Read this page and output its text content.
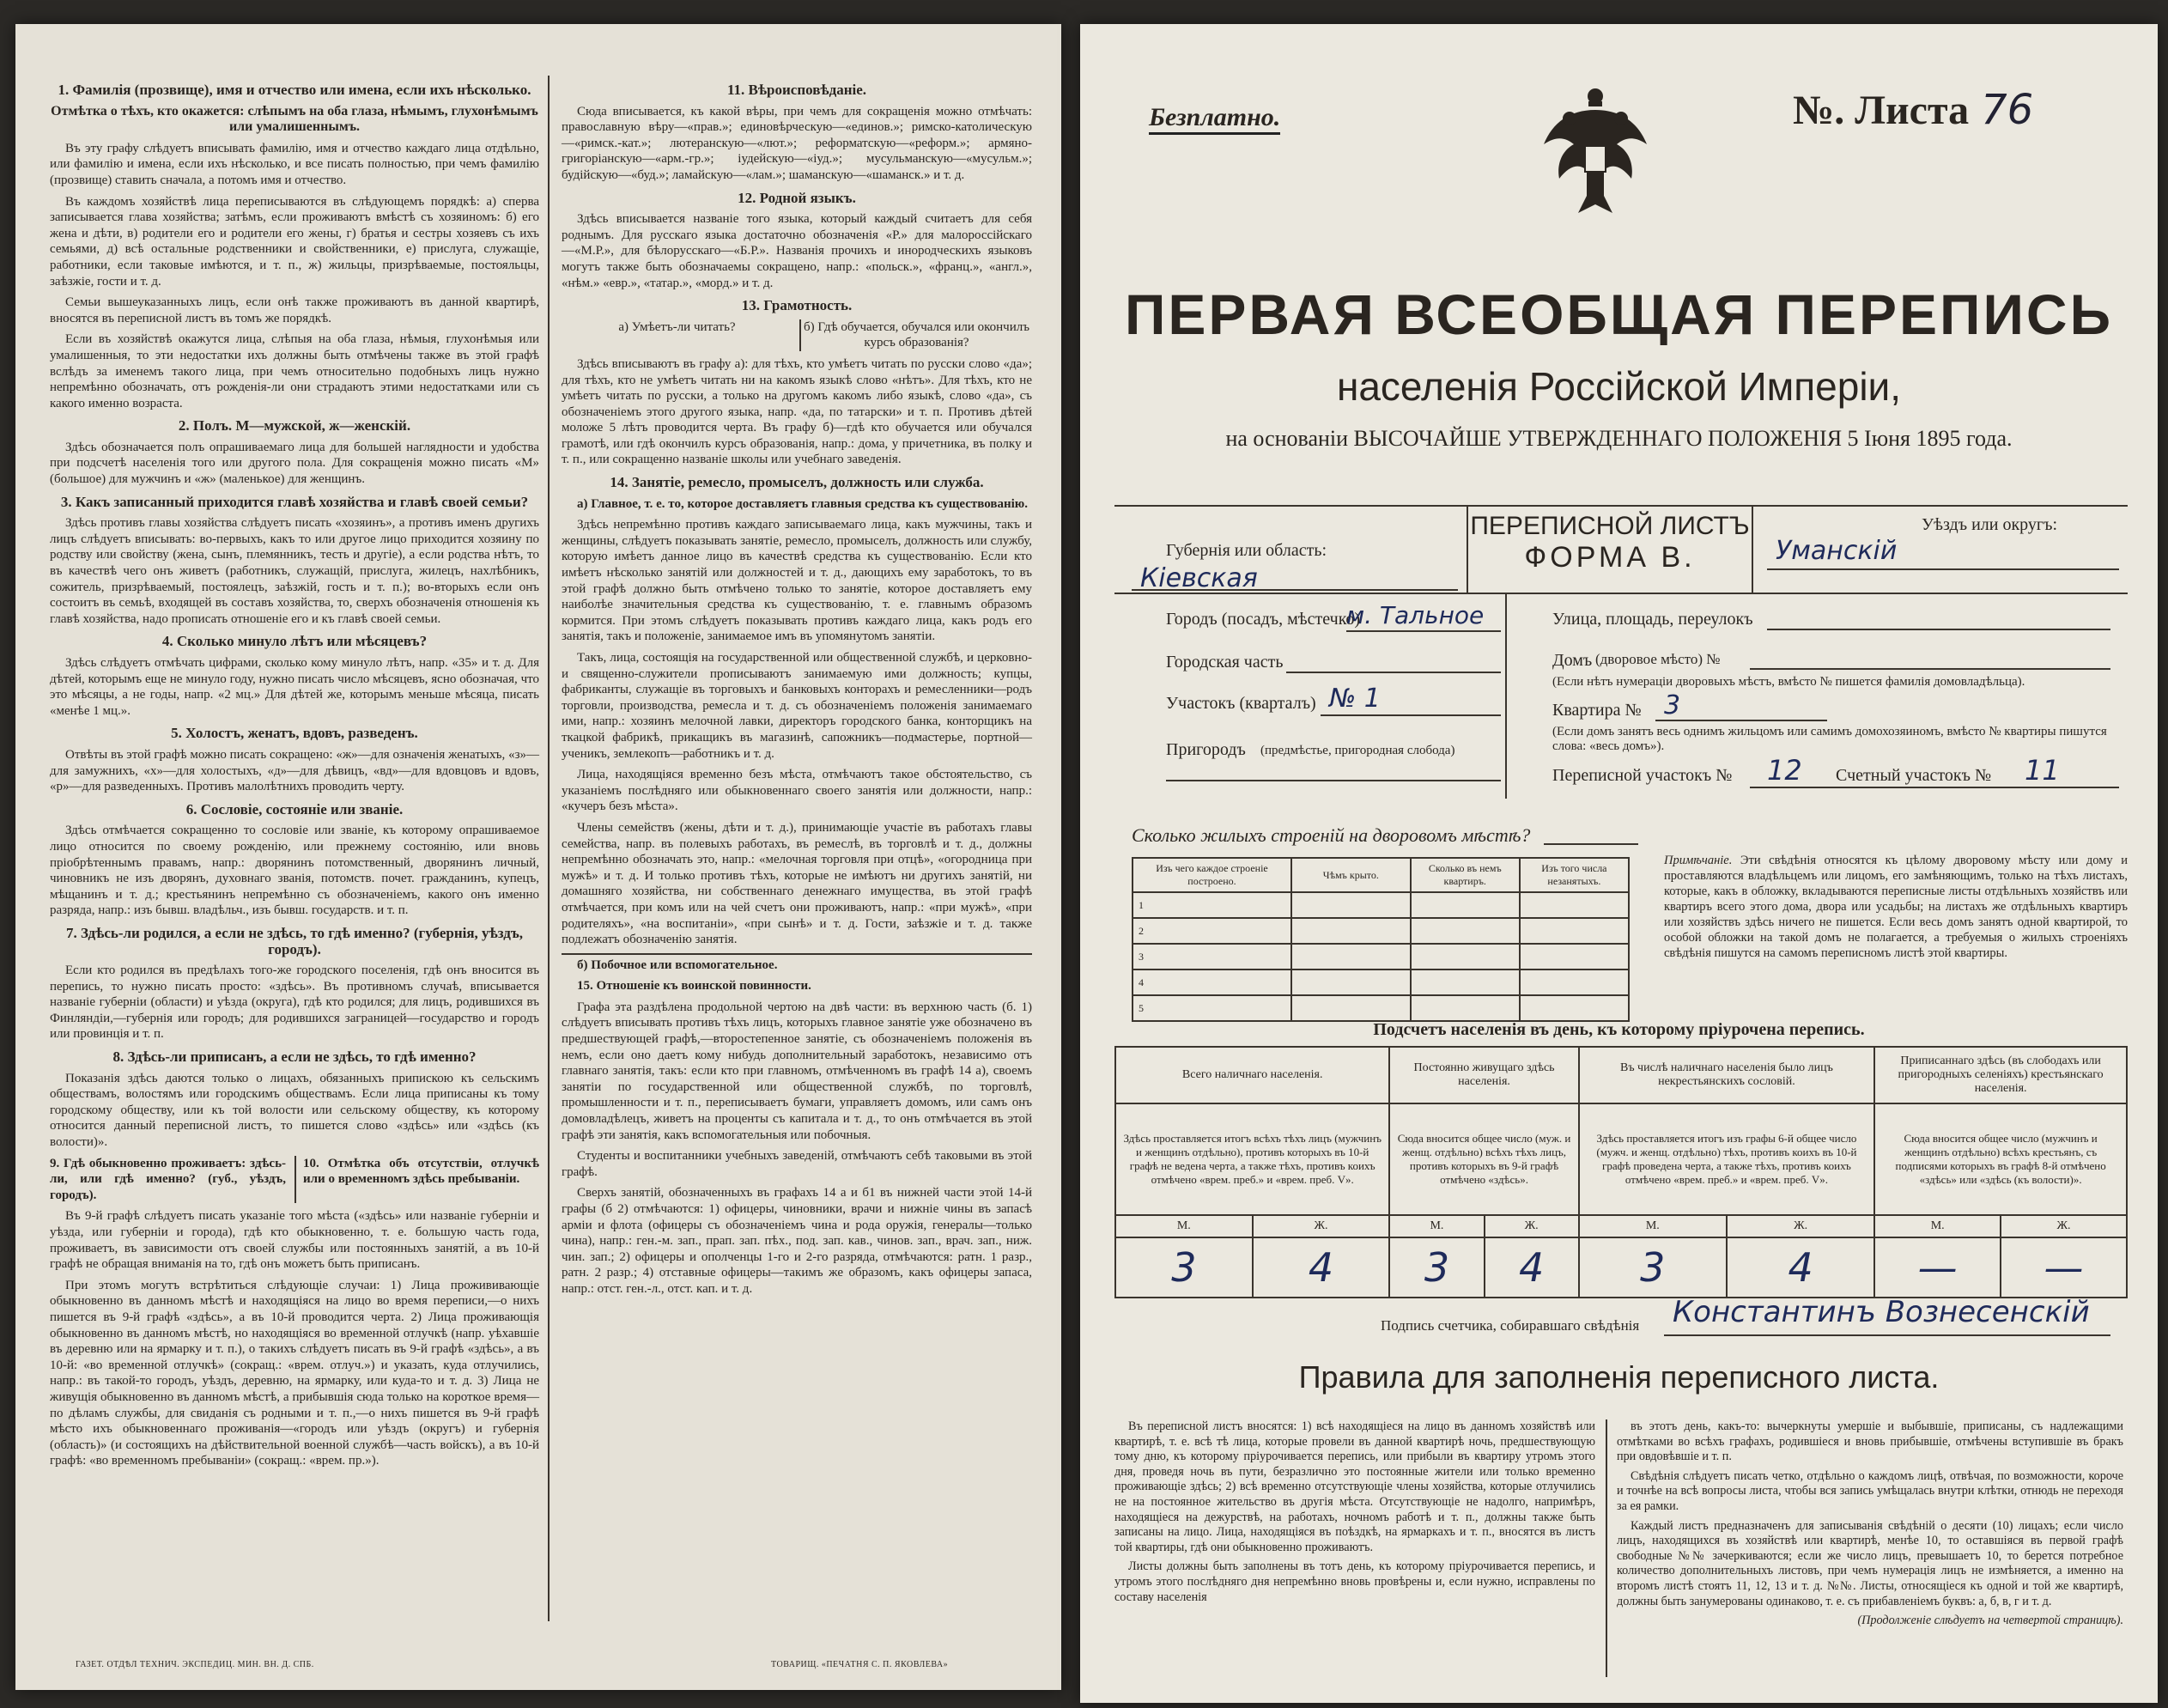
1. Фамилія (прозвище), имя и отчество или имена, если ихъ нѣсколько.

Отмѣтка о тѣхъ, кто окажется: слѣпымъ на оба глаза, нѣмымъ, глухонѣмымъ или умалишеннымъ.

Въ эту графу слѣдуетъ вписывать фамилію, имя и отчество каждаго лица отдѣльно, или фамилію и имена, если ихъ нѣсколько, и все писать полностью, при чемъ фамилію (прозвище) ставить сначала, а потомъ имя и отчество.

Въ каждомъ хозяйствѣ лица переписываются въ слѣдующемъ порядкѣ: а) сперва записывается глава хозяйства; затѣмъ, если проживаютъ вмѣстѣ съ хозяиномъ: б) его жена и дѣти, в) родители его и родители его жены, г) братья и сестры хозяевъ съ ихъ семьями, д) всѣ остальные родственники и свойственники, е) прислуга, служащіе, работники, если таковые имѣются, и т. п., ж) жильцы, призрѣваемые, постояльцы, заѣзжіе, гости и т. д.

Семьи вышеуказанныхъ лицъ, если онѣ также проживаютъ въ данной квартирѣ, вносятся въ переписной листъ въ томъ же порядкѣ.

Если въ хозяйствѣ окажутся лица, слѣпыя на оба глаза, нѣмыя, глухонѣмыя или умалишенныя, то эти недостатки ихъ должны быть отмѣчены также въ этой графѣ вслѣдъ за именемъ такого лица, при чемъ относительно подобныхъ лицъ нужно непремѣнно обозначать, отъ рожденія-ли они страдаютъ этими недостатками или съ какого именно возраста.

2. Полъ. М—мужской, ж—женскій.

Здѣсь обозначается полъ опрашиваемаго лица для большей наглядности и удобства при подсчетѣ населенія того или другого пола. Для сокращенія можно писать «М» (большое) для мужчинъ и «ж» (маленькое) для женщинъ.

3. Какъ записанный приходится главѣ хозяйства и главѣ своей семьи?

Здѣсь противъ главы хозяйства слѣдуетъ писать «хозяинъ», а противъ именъ другихъ лицъ слѣдуетъ вписывать: во-первыхъ, какъ то или другое лицо приходится хозяину по родству или свойству (жена, сынъ, племянникъ, тесть и другіе), а если родства нѣтъ, то въ качествѣ чего онъ живетъ (работникъ, служащій, прислуга, жилецъ, нахлѣбникъ, сожитель, призрѣваемый, постоялецъ, заѣзжій, гость и т. п.); во-вторыхъ если онъ состоитъ въ семьѣ, входящей въ составъ хозяйства, то, сверхъ обозначенія отношенія къ главѣ хозяйства, надо прописать отношеніе его и къ главѣ своей семьи.

4. Сколько минуло лѣтъ или мѣсяцевъ?

Здѣсь слѣдуетъ отмѣчать цифрами, сколько кому минуло лѣтъ, напр. «35» и т. д. Для дѣтей, которымъ еще не минуло году, нужно писать число мѣсяцевъ, ясно обозначая, что это мѣсяцы, а не годы, напр. «2 мц.» Для дѣтей же, которымъ меньше мѣсяца, писать «менѣе 1 мц.».

5. Холостъ, женатъ, вдовъ, разведенъ.

Отвѣты въ этой графѣ можно писать сокращено: «ж»—для означенія женатыхъ, «з»—для замужнихъ, «х»—для холостыхъ, «д»—для дѣвицъ, «вд»—для вдовцовъ и вдовъ, «р»—для разведенныхъ. Противъ малолѣтнихъ проводить черту.

6. Сословіе, состояніе или званіе.

Здѣсь отмѣчается сокращенно то сословіе или званіе, къ которому опрашиваемое лицо относится по своему рожденію, или прежнему состоянію, или вновь пріобрѣтеннымъ правамъ, напр.: дворянинъ потомственный, дворянинъ личный, чиновникъ не изъ дворянъ, духовнаго званія, потомств. почет. гражданинъ, купецъ, мѣщанинъ и т. д.; крестьянинъ непремѣнно съ обозначеніемъ, какого онъ именно разряда, напр.: изъ бывш. владѣльч., изъ бывш. государств. и т. п.

7. Здѣсь-ли родился, а если не здѣсь, то гдѣ именно? (губернія, уѣздъ, городъ).

Если кто родился въ предѣлахъ того-же городского поселенія, гдѣ онъ вносится въ перепись, то нужно писать просто: «здѣсь». Въ противномъ случаѣ, вписывается названіе губерніи (области) и уѣзда (округа), гдѣ кто родился; для лицъ, родившихся въ Финляндіи,—губернія или городъ; для родившихся заграницей—государство и городъ или провинція и т. п.

8. Здѣсь-ли приписанъ, а если не здѣсь, то гдѣ именно?

Показанія здѣсь даются только о лицахъ, обязанныхъ припискою къ сельскимъ обществамъ, волостямъ или городскимъ обществамъ. Если лица приписаны къ тому городскому обществу, или къ той волости или сельскому обществу, къ которому относится данный переписной листъ, то пишется слово «здѣсь» или «здѣсь (къ волости)».

9. Гдѣ обыкновенно проживаетъ: здѣсь-ли, или гдѣ именно? (губ., уѣздъ, городъ).
10. Отмѣтка объ отсутствіи, отлучкѣ или о временномъ здѣсь пребываніи.

Въ 9-й графѣ слѣдуетъ писать указаніе того мѣста («здѣсь» или названіе губерніи и уѣзда, или губерніи и города), гдѣ кто обыкновенно, т. е. большую часть года, проживаетъ, въ зависимости отъ своей службы или постоянныхъ занятій, а въ 10-й графѣ не обращая вниманія на то, гдѣ онъ можетъ быть приписанъ.

При этомъ могутъ встрѣтиться слѣдующіе случаи: 1) Лица прожививающіе обыкновенно въ данномъ мѣстѣ и находящіяся на лицо во время переписи,—о нихъ пишется въ 9-й графѣ «здѣсь», а въ 10-й проводится черта. 2) Лица проживающія обыкновенно въ данномъ мѣстѣ, но находящіяся во временной отлучкѣ (напр. уѣхавшіе въ деревню или на ярмарку и т. п.), о такихъ слѣдуетъ писать въ 9-й графѣ «здѣсь», а въ 10-й: «во временной отлучкѣ» (сокращ.: «врем. отлуч.») и указать, куда отлучились, напр.: въ такой-то городъ, уѣздъ, деревню, на ярмарку, или куда-то и т. д. 3) Лица не живущія обыкновенно въ данномъ мѣстѣ, а прибывшія сюда только на короткое время—по дѣламъ службы, для свиданія съ родными и т. п.,—о нихъ пишется въ 9-й графѣ мѣсто ихъ обыкновеннаго проживанія—«городъ или уѣздъ (округъ) и губернія (область)» (и состоящихъ на дѣйствительной военной службѣ—часть войскъ), а въ 10-й графѣ: «во временномъ пребываніи» (сокращ.: «врем. пр.»).

11. Вѣроисповѣданіе.

Сюда вписывается, къ какой вѣры, при чемъ для сокращенія можно отмѣчать: православную вѣру—«прав.»; единовѣрческую—«единов.»; римско-католическую—«римск.-кат.»; лютеранскую—«лют.»; реформатскую—«реформ.»; армяно-григоріанскую—«арм.-гр.»; іудейскую—«іуд.»; мусульманскую—«мусульм.»; будійскую—«буд.»; ламайскую—«лам.»; шаманскую—«шаманск.» и т. д.

12. Родной языкъ.

Здѣсь вписывается названіе того языка, который каждый считаетъ для себя роднымъ. Для русскаго языка достаточно обозначенія «Р.» для малороссійскаго—«М.Р.», для бѣлорусскаго—«Б.Р.». Названія прочихъ и инородческихъ языковъ могутъ также быть обозначаемы сокращено, напр.: «польск.», «франц.», «англ.», «нѣм.» «евр.», «татар.», «морд.» и т. д.

13. Грамотность.
а) Умѣетъ-ли читать?	б) Гдѣ обучается, обучался или окончилъ курсъ образованія?

Здѣсь вписываютъ въ графу а): для тѣхъ, кто умѣетъ читать по русски слово «да»; для тѣхъ, кто не умѣетъ читать ни на какомъ языкѣ слово «нѣтъ». Для тѣхъ, кто не умѣетъ читать по русски, а только на другомъ какомъ либо языкѣ, слово «да», съ обозначеніемъ этого другого языка, напр. «да, по татарски» и т. п. Противъ дѣтей моложе 5 лѣтъ проводится черта. Въ графу б)—гдѣ кто обучается или обучался грамотѣ, или гдѣ окончилъ курсъ образованія, напр.: дома, у причетника, въ полку и т. п., или сокращенно названіе школы или учебнаго заведенія.

14. Занятіе, ремесло, промыселъ, должность или служба.

а) Главное, т. е. то, которое доставляетъ главныя средства къ существованію.

Здѣсь непремѣнно противъ каждаго записываемаго лица, какъ мужчины, такъ и женщины, слѣдуетъ показывать занятіе, ремесло, промыселъ, должность или службу, которую имѣетъ данное лицо въ качествѣ средства къ существованію. Если кто имѣетъ нѣсколько занятій или должностей и т. д., дающихъ ему заработокъ, то въ этой графѣ должно быть отмѣчено только то занятіе, которое доставляетъ ему наиболѣе значительныя средства къ существованію, т. е. главнымъ образомъ кормится. При этомъ слѣдуетъ показывать противъ каждаго лица, какъ родъ его занятія, такъ и положеніе, занимаемое имъ въ упомянутомъ занятіи.

Такъ, лица, состоящія на государственной или общественной службѣ, и церковно-и священно-служители прописываютъ занимаемую ими должность; купцы, фабриканты, служащіе въ торговыхъ и банковыхъ конторахъ и ремесленники—родъ торговли, производства, ремесла и т. д. съ обозначеніемъ положенія занимаемаго ими, напр.: хозяинъ мелочной лавки, директоръ городского банка, конторщикъ на ткацкой фабрикѣ, прикащикъ въ магазинѣ, сапожникъ—подмастерье, портной—ученикъ, землекопъ—работникъ и т. д.

Лица, находящіяся временно безъ мѣста, отмѣчаютъ такое обстоятельство, съ указаніемъ послѣдняго или обыкновеннаго своего занятія или должности, напр.: «кучеръ безъ мѣста».

Члены семействъ (жены, дѣти и т. д.), принимающіе участіе въ работахъ главы семейства, напр. въ полевыхъ работахъ, въ ремеслѣ, въ торговлѣ и т. д., должны непремѣнно обозначать это, напр.: «мелочная торговля при отцѣ», «огородница при мужѣ» и т. д. И только противъ тѣхъ, которые не имѣютъ ни другихъ занятій, ни домашняго хозяйства, ни собственнаго денежнаго имущества, въ этой графѣ отмѣчается, при комъ или на чей счетъ они проживаютъ, напр.: «при мужѣ», «при родителяхъ», «на воспитаніи», «при сынѣ» и т. д. Гости, заѣзжіе и т. д. также подлежатъ обозначенію занятія.

б) Побочное или вспомогательное.

15. Отношеніе къ воинской повинности.

Графа эта раздѣлена продольной чертою на двѣ части: въ верхнюю часть (б. 1) слѣдуетъ вписывать противъ тѣхъ лицъ, которыхъ главное занятіе уже обозначено въ предшествующей графѣ,—второстепенное занятіе, съ обозначеніемъ положенія въ немъ, если оно даетъ кому нибудь дополнительный заработокъ, независимо отъ главнаго занятія, такъ: если кто при главномъ, отмѣченномъ въ графѣ 14 а), своемъ занятіи по государственной или общественной службѣ, по торговлѣ, промышленности и т. п., переписываетъ бумаги, управляетъ домомъ, или самъ онъ домовладѣлецъ, живетъ на проценты съ капитала и т. д., то онъ отмѣчается въ этой графѣ эти занятія, какъ вспомогательныя или побочныя.

Студенты и воспитанники учебныхъ заведеній, отмѣчаютъ себѣ таковыми въ этой графѣ.

Сверхъ занятій, обозначенныхъ въ графахъ 14 а и б1 въ нижней части этой 14-й графы (б 2) отмѣчаются: 1) офицеры, чиновники, врачи и нижніе чины въ запасѣ арміи и флота (офицеры съ обозначеніемъ чина и рода оружія, генералы—только чина), напр.: ген.-м. зап., прап. зап. пѣх., под. зап. кав., чинов. зап., врач. зап., ниж. чин. зап.; 2) офицеры и ополченцы 1-го и 2-го разряда, отмѣчаются: ратн. 1 разр., ратн. 2 разр.; 4) отставные офицеры—такимъ же образомъ, какъ офицеры запаса, напр.: отст. ген.-л., отст. кап. и т. д.

ГАЗЕТ. ОТДѢЛ ТЕХНИЧ. ЭКСПЕДИЦ. МИН. ВН. Д. СПБ.	ТОВАРИЩ. «ПЕЧАТНЯ С. П. ЯКОВЛЕВА»
Безплатно.	№. Листа 76
ПЕРВАЯ ВСЕОБЩАЯ ПЕРЕПИСЬ
населенія Россійской Имперіи,
на основаніи ВЫСОЧАЙШЕ УТВЕРЖДЕННАГО ПОЛОЖЕНІЯ 5 Іюня 1895 года.
Губернія или область:
Кіевская
ПЕРЕПИСНОЙ ЛИСТЪ
ФОРМА В.
Уѣздъ или округъ:
Уманскій
Городъ (посадъ, мѣстечко)
м. Тальное
Городская часть
Участокъ (кварталъ) № 1
Пригородъ (предмѣстье, пригородная слобода)
Улица, площадь, переулокъ
Домъ (дворовое мѣсто) №
(Если нѣтъ нумераціи дворовыхъ мѣстъ, вмѣсто № пишется фамилія домовладѣльца).
Квартира № 3
(Если домъ занятъ весь однимъ жильцомъ или самимъ домохозяиномъ, вмѣсто № квартиры пишутся слова: «весь домъ»).
Переписной участокъ № 12 Счетный участокъ № 11
Сколько жилыхъ строеній на дворовомъ мѣстѣ?
Изъ чего каждое строеніе построено.	Чѣмъ крыто.	Сколько въ немъ квартиръ.	Изъ того числа незанятыхъ.
1			
2			
3			
4			
5			
Примѣчаніе. Эти свѣдѣнія относятся къ цѣлому дворовому мѣсту или дому и проставляются владѣльцемъ или лицомъ, его замѣняющимъ, только на тѣхъ листахъ, которые, какъ в обложку, вкладываются переписные листы отдѣльныхъ хозяйствъ или квартиръ всего этого дома, двора или усадьбы; на листахъ же отдѣльныхъ квартиръ или хозяйствъ здѣсь ничего не пишется. Если весь домъ занятъ одной квартирой, то особой обложки на такой домъ не полагается, а требуемыя о жилыхъ строеніяхъ свѣдѣнія пишутся на самомъ переписномъ листѣ этой квартиры.
Подсчетъ населенія въ день, къ которому пріурочена перепись.
Всего наличнаго населенія.		Постоянно живущаго здѣсь населенія.		Въ числѣ наличнаго населенія было лицъ некрестьянскихъ сословій.		Приписаннаго здѣсь (въ слободахъ или пригородныхъ селеніяхъ) крестьянскаго населенія.	
Здѣсь проставляется итогъ всѣхъ тѣхъ лицъ (мужчинъ и женщинъ отдѣльно), противъ которыхъ въ 10-й графѣ не ведена черта, а также тѣхъ, противъ коихъ отмѣчено «врем. преб.» и «врем. преб. V».		Сюда вносится общее число (муж. и женщ. отдѣльно) всѣхъ тѣхъ лицъ, противъ которыхъ въ 9-й графѣ отмѣчено «здѣсь».		Здѣсь проставляется итогъ изъ графы 6-й общее число (мужч. и женщ. отдѣльно) тѣхъ, противъ коихъ въ 10-й графѣ проведена черта, а также тѣхъ, противъ коихъ отмѣчено «врем. преб.» и «врем. преб. V».		Сюда вносится общее число (мужчинъ и женщинъ отдѣльно) всѣхъ крестьянъ, съ подписями которыхъ въ графѣ 8-й отмѣчено «здѣсь» или «здѣсь (къ волости)».	
М.	Ж.	М.	Ж.	М.	Ж.	М.	Ж.
3	4	3	4	3	4	—	—
Подпись счетчика, собиравшаго свѣдѣнія Константинъ Вознесенскій
Правила для заполненія переписного листа.

Въ переписной листъ вносятся: 1) всѣ находящіеся на лицо въ данномъ хозяйствѣ или квартирѣ, т. е. всѣ тѣ лица, которые провели въ данной квартирѣ ночь, предшествующую тому дню, къ которому пріурочивается перепись, или прибыли въ квартиру утромъ этого дня, проведя ночь въ пути, безразлично это постоянные жители или только временно проживающіе здѣсь; 2) всѣ временно отсутствующіе члены хозяйства, которые отлучились не на постоянное жительство въ другія мѣста. Отсутствующіе не надолго, напримѣръ, находящіеся на дежурствѣ, на работахъ, ночномъ работѣ и т. п., должны также быть записаны на лицо. Лица, находящіяся въ поѣздкѣ, на ярмаркахъ и т. п., вносятся въ листъ той квартиры, гдѣ они обыкновенно проживаютъ.

Листы должны быть заполнены въ тотъ день, къ которому пріурочивается перепись, и утромъ этого послѣдняго дня непремѣнно вновь провѣрены и, если нужно, исправлены по составу населенія

въ этотъ день, какъ-то: вычеркнуты умершіе и выбывшіе, приписаны, съ надлежащими отмѣтками во всѣхъ графахъ, родившіеся и вновь прибывшіе, отмѣчены вступившіе въ бракъ при овдовѣвшіе и т. п.

Свѣдѣнія слѣдуетъ писать четко, отдѣльно о каждомъ лицѣ, отвѣчая, по возможности, короче и точнѣе на всѣ вопросы листа, чтобы вся запись умѣщалась внутри клѣтки, отнюдь не переходя за ея рамки.

Каждый листъ предназначенъ для записыванія свѣдѣній о десяти (10) лицахъ; если число лицъ, находящихся въ хозяйствѣ или квартирѣ, менѣе 10, то оставшіяся въ первой графѣ свободные №№ зачеркиваются; если же число лицъ, превышаетъ 10, то берется потребное количество дополнительныхъ листовъ, при чемъ нумерація лицъ не измѣняется, а именно на второмъ листѣ стоятъ 11, 12, 13 и т. д. №№. Листы, относящіеся къ одной и той же квартирѣ, должны быть занумерованы одинаково, т. е. съ прибавленіемъ буквъ: а, б, в, г и т. д.

(Продолженіе слѣдуетъ на четвертой страницѣ).
